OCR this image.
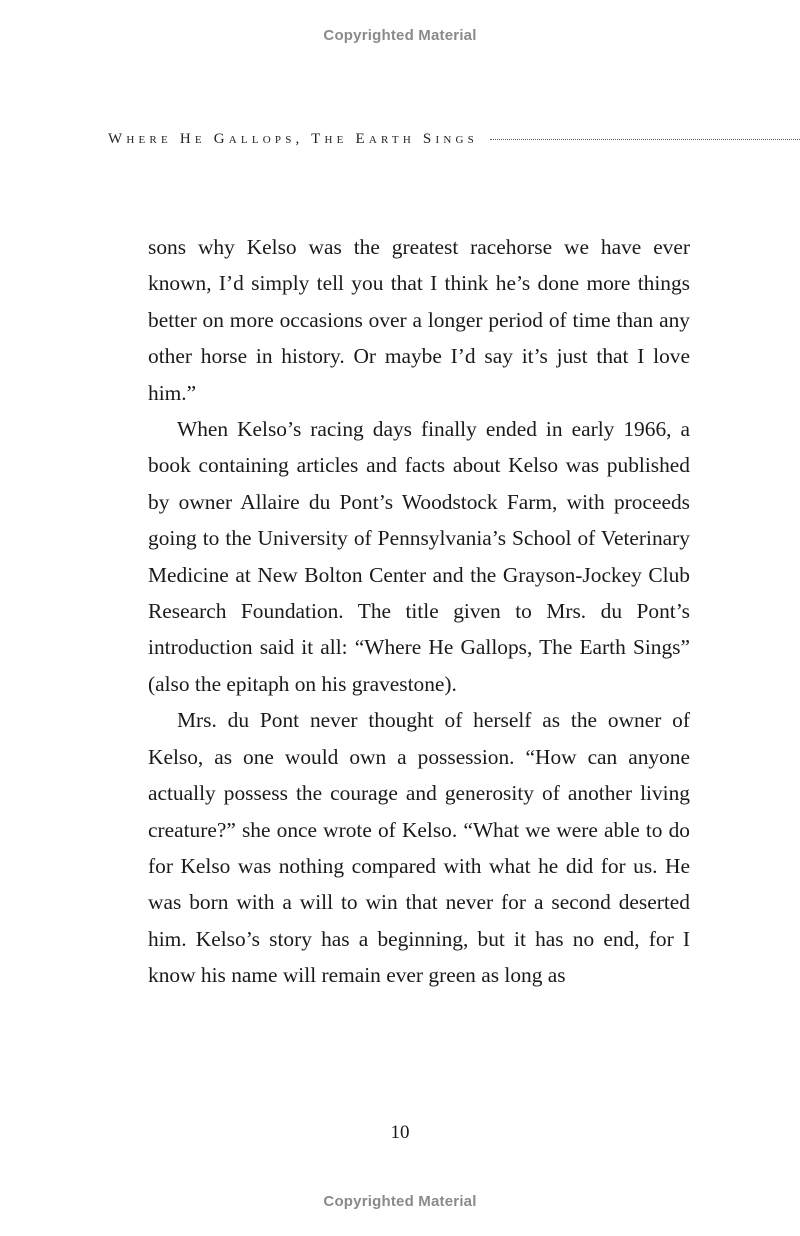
Copyrighted Material
Where He Gallops, The Earth Sings

sons why Kelso was the greatest racehorse we have ever known, I’d simply tell you that I think he’s done more things better on more occasions over a longer period of time than any other horse in history. Or maybe I’d say it’s just that I love him.”

When Kelso’s racing days finally ended in early 1966, a book containing articles and facts about Kelso was published by owner Allaire du Pont’s Woodstock Farm, with proceeds going to the University of Pennsylvania’s School of Veterinary Medicine at New Bolton Center and the Grayson-Jockey Club Research Foundation. The title given to Mrs. du Pont’s introduction said it all: “Where He Gallops, The Earth Sings” (also the epitaph on his gravestone).

Mrs. du Pont never thought of herself as the owner of Kelso, as one would own a possession. “How can anyone actually possess the courage and generosity of another living creature?” she once wrote of Kelso. “What we were able to do for Kelso was nothing compared with what he did for us. He was born with a will to win that never for a second deserted him. Kelso’s story has a beginning, but it has no end, for I know his name will remain ever green as long as

10
Copyrighted Material
